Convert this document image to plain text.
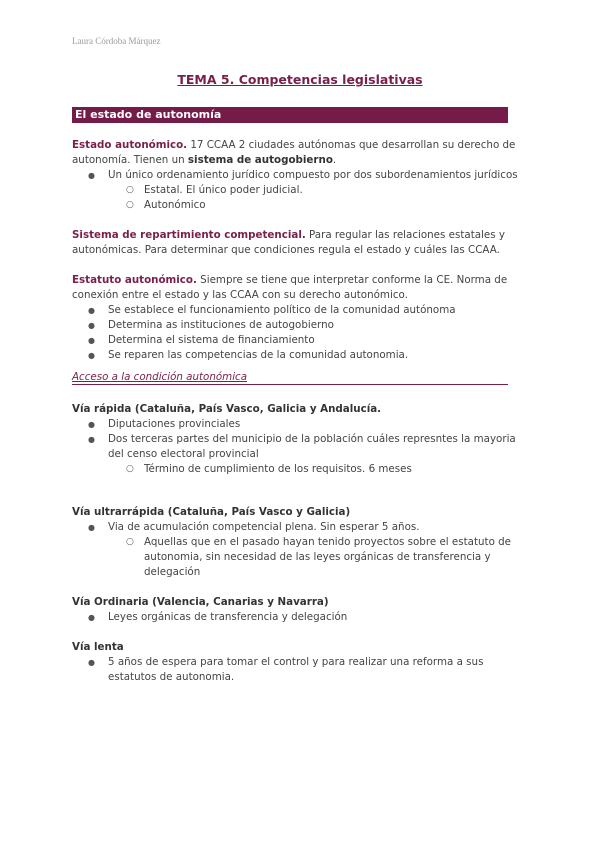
Laura Córdoba Márquez
TEMA 5. Competencias legislativas
El estado de autonomía

Estado autonómico. 17 CCAA 2 ciudades autónomas que desarrollan su derecho de autonomía. Tienen un sistema de autogobierno.

● Un único ordenamiento jurídico compuesto por dos subordenamientos jurídicos
○ Estatal. El único poder judicial.
○ Autonómico

Sistema de repartimiento competencial. Para regular las relaciones estatales y autonómicas. Para determinar que condiciones regula el estado y cuáles las CCAA.

Estatuto autonómico. Siempre se tiene que interpretar conforme la CE. Norma de conexión entre el estado y las CCAA con su derecho autonómico.

● Se establece el funcionamiento político de la comunidad autónoma
● Determina as instituciones de autogobierno
● Determina el sistema de financiamiento
● Se reparen las competencias de la comunidad autonomia.
Acceso a la condición autonómica
Vía rápida (Cataluña, País Vasco, Galicia y Andalucía.
● Diputaciones provinciales
● Dos terceras partes del municipio de la población cuáles represntes la mayoria del censo electoral provincial
○ Término de cumplimiento de los requisitos. 6 meses
Vía ultrarrápida (Cataluña, País Vasco y Galicia)
● Via de acumulación competencial plena. Sin esperar 5 años.
○ Aquellas que en el pasado hayan tenido proyectos sobre el estatuto de autonomia, sin necesidad de las leyes orgánicas de transferencia y delegación
Vía Ordinaria (Valencia, Canarias y Navarra)
● Leyes orgánicas de transferencia y delegación
Vía lenta
● 5 años de espera para tomar el control y para realizar una reforma a sus estatutos de autonomia.
